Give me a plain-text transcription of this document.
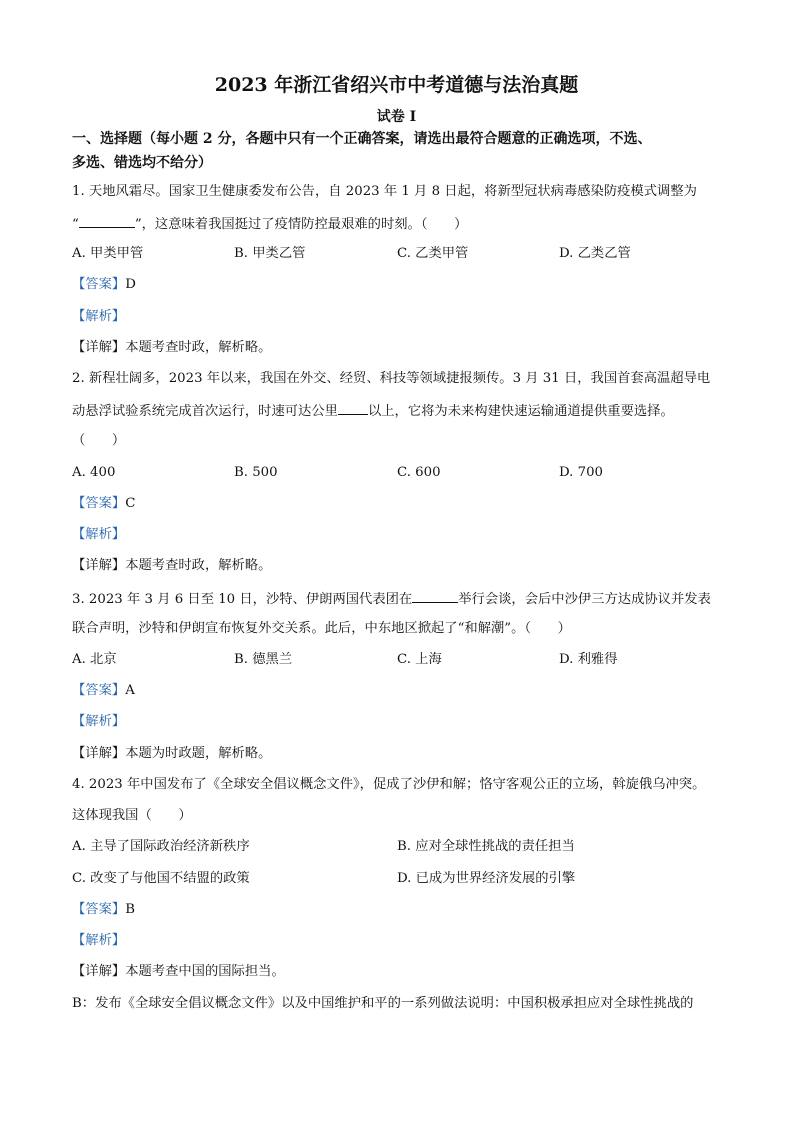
2023 年浙江省绍兴市中考道德与法治真题
试卷 I
一、选择题（每小题 2 分，各题中只有一个正确答案，请选出最符合题意的正确选项，不选、
多选、错选均不给分）
1. 天地风霜尽。国家卫生健康委发布公告，自 2023 年 1 月 8 日起，将新型冠状病毒感染防疫模式调整为
“	”，这意味着我国挺过了疫情防控最艰难的时刻。（　　）
A. 甲类甲管	B. 甲类乙管	C. 乙类甲管	D. 乙类乙管
【答案】D
【解析】
【详解】本题考查时政，解析略。
2. 新程壮阔多，2023 年以来，我国在外交、经贸、科技等领域捷报频传。3 月 31 日，我国首套高温超导电
动悬浮试验系统完成首次运行，时速可达公里 以上，它将为未来构建快速运输通道提供重要选择。
（　　）
A. 400	B. 500	C. 600	D. 700
【答案】C
【解析】
【详解】本题考查时政，解析略。
3. 2023 年 3 月 6 日至 10 日，沙特、伊朗两国代表团在	举行会谈，会后中沙伊三方达成协议并发表
联合声明，沙特和伊朗宣布恢复外交关系。此后，中东地区掀起了“和解潮”。（　　）
A. 北京	B. 德黑兰	C. 上海	D. 利雅得
【答案】A
【解析】
【详解】本题为时政题，解析略。
4. 2023 年中国发布了《全球安全倡议概念文件》，促成了沙伊和解；恪守客观公正的立场，斡旋俄乌冲突。
这体现我国（　　）
A. 主导了国际政治经济新秩序	B. 应对全球性挑战的责任担当
C. 改变了与他国不结盟的政策	D. 已成为世界经济发展的引擎
【答案】B
【解析】
【详解】本题考查中国的国际担当。
B：发布《全球安全倡议概念文件》以及中国维护和平的一系列做法说明：中国积极承担应对全球性挑战的
